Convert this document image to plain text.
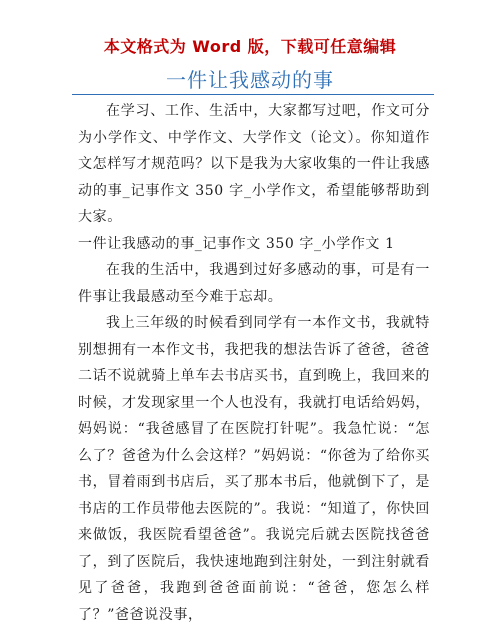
本文格式为 Word 版，下载可任意编辑
一件让我感动的事

在学习、工作、生活中，大家都写过吧，作文可分为小学作文、中学作文、大学作文（论文）。你知道作文怎样写才规范吗？以下是我为大家收集的一件让我感动的事_记事作文 350 字_小学作文，希望能够帮助到大家。

一件让我感动的事_记事作文 350 字_小学作文 1

在我的生活中，我遇到过好多感动的事，可是有一件事让我最感动至今难于忘却。

我上三年级的时候看到同学有一本作文书，我就特别想拥有一本作文书，我把我的想法告诉了爸爸，爸爸二话不说就骑上单车去书店买书，直到晚上，我回来的时候，才发现家里一个人也没有，我就打电话给妈妈，妈妈说：“我爸感冒了在医院打针呢”。我急忙说：“怎么了？爸爸为什么会这样？”妈妈说：“你爸为了给你买书，冒着雨到书店后，买了那本书后，他就倒下了，是书店的工作员带他去医院的”。我说：“知道了，你快回来做饭，我医院看望爸爸”。我说完后就去医院找爸爸了，到了医院后，我快速地跑到注射处，一到注射就看见了爸爸，我跑到爸爸面前说：“爸爸，您怎么样了？”爸爸说没事，
